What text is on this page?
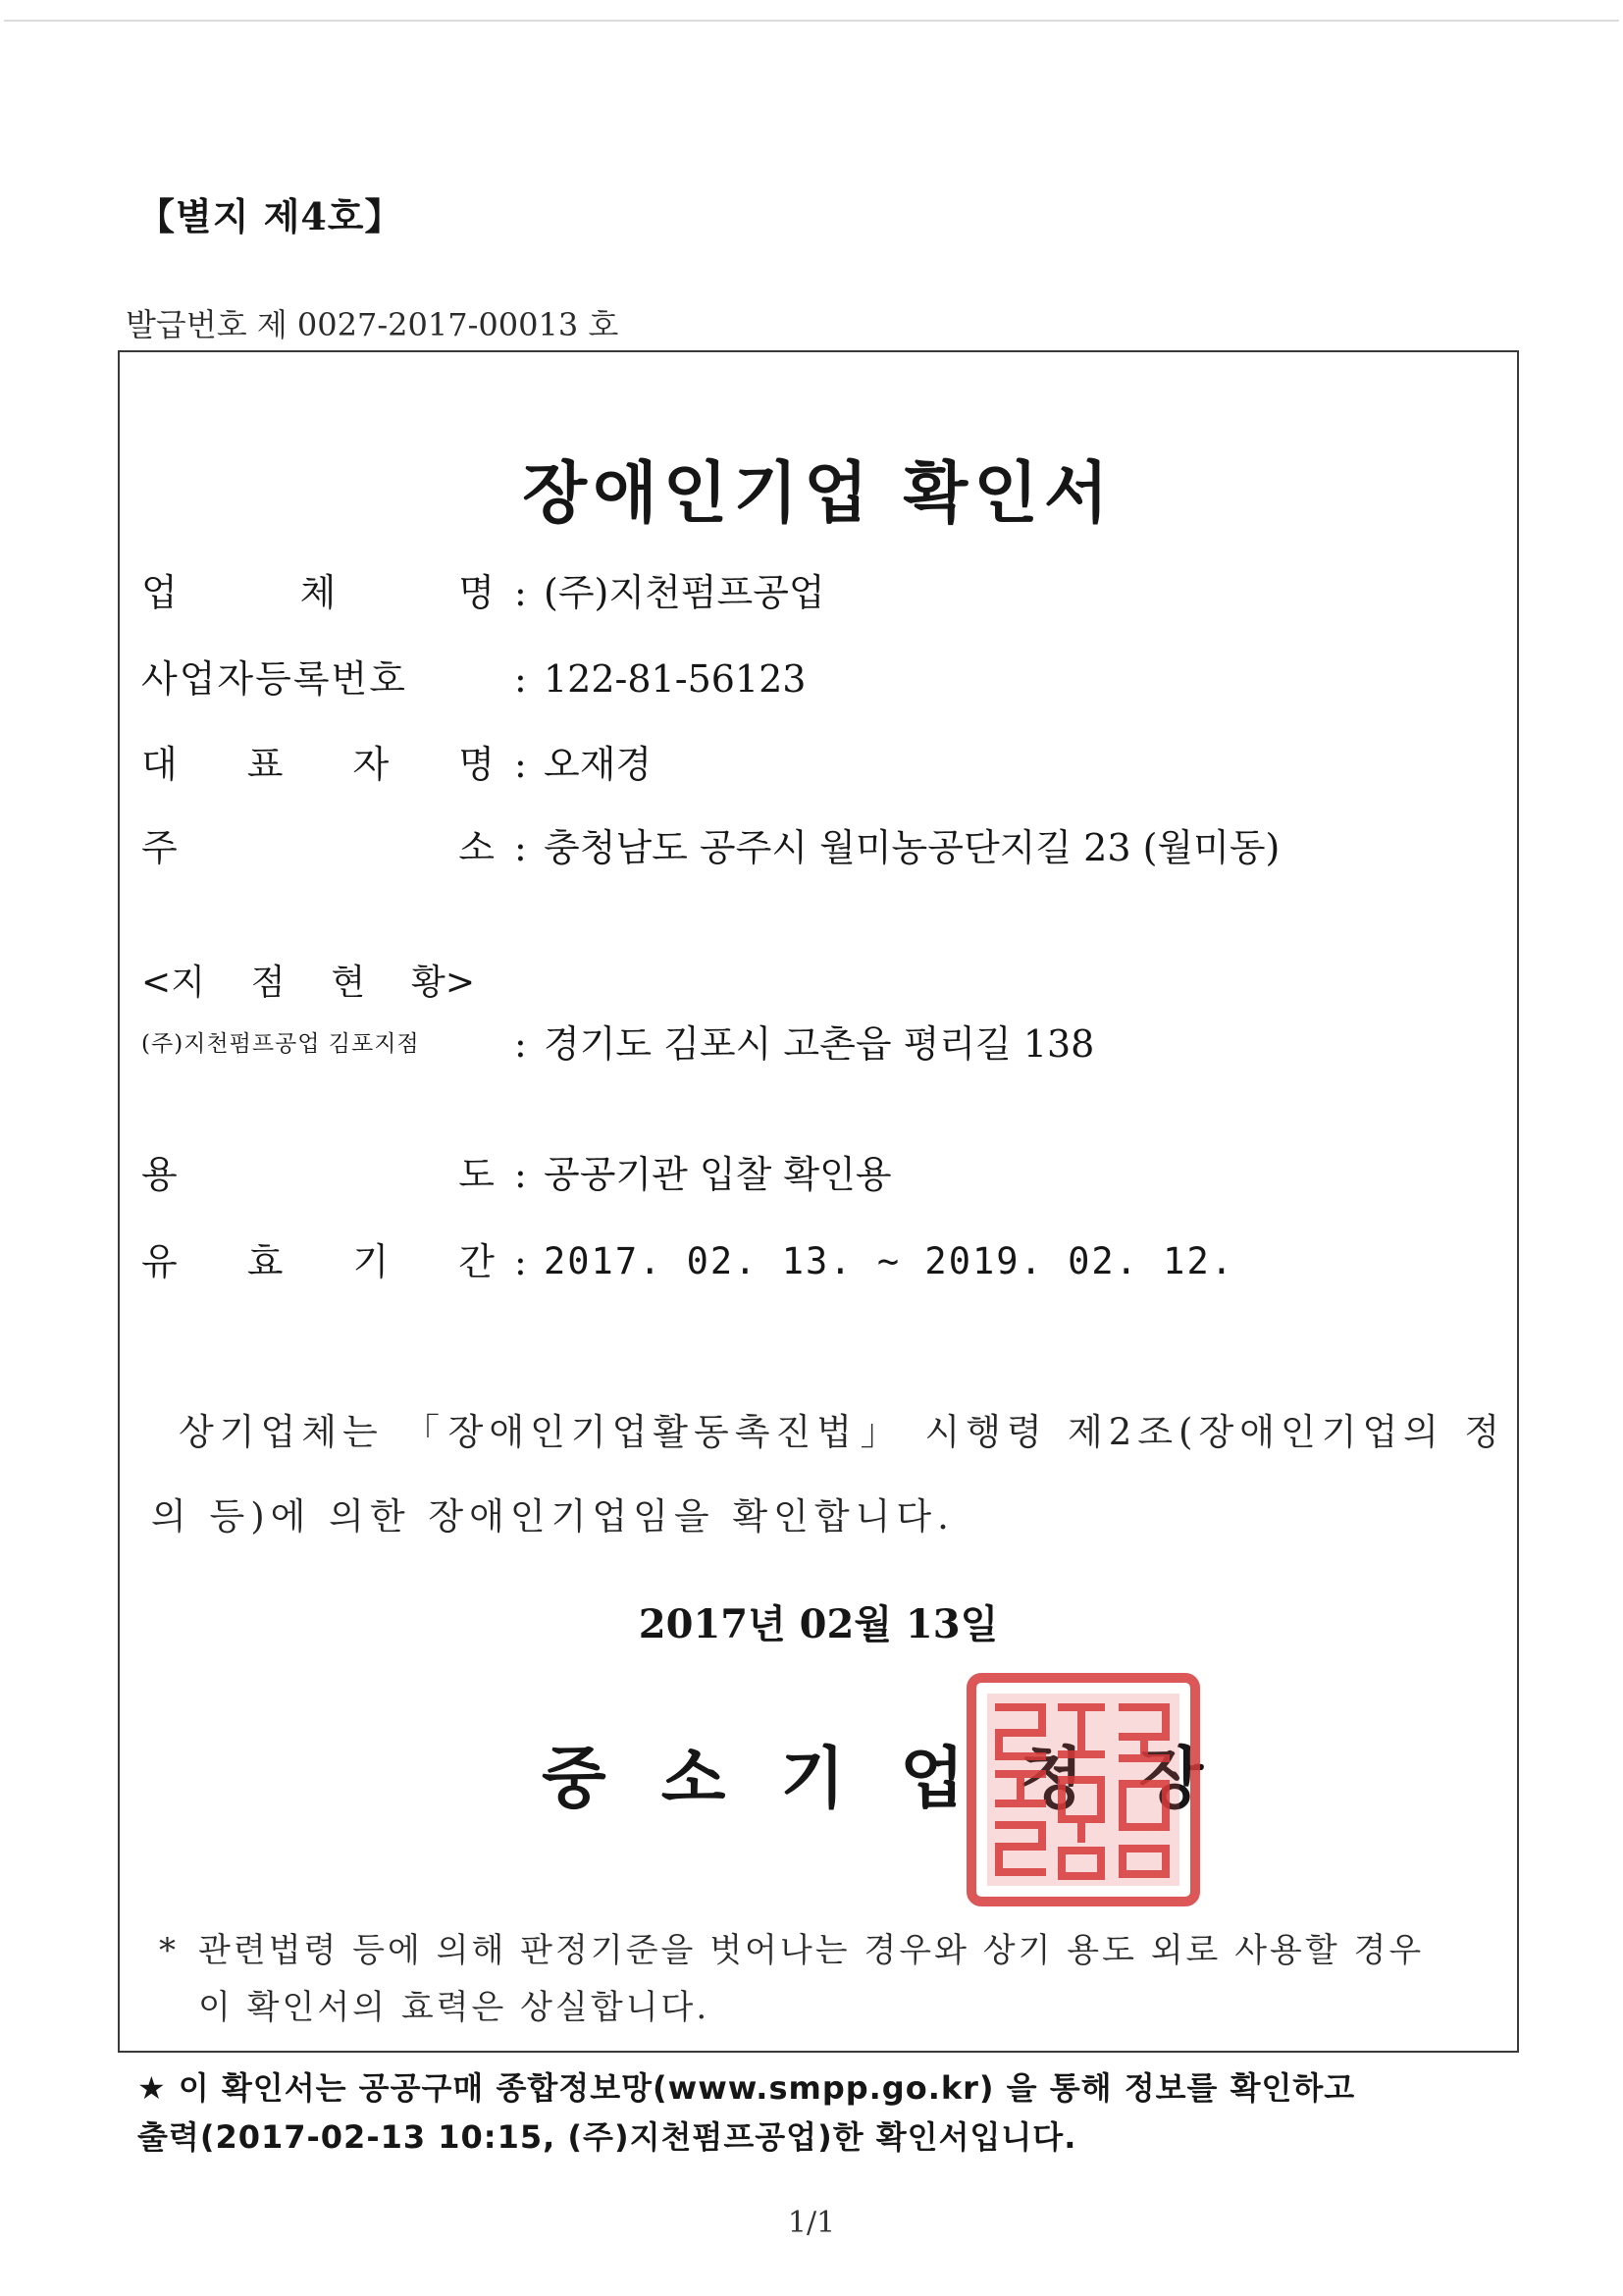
【별지 제4호】
발급번호 제 0027-2017-00013 호
장애인기업 확인서
업	체	명 : (주)지천펌프공업
사업자등록번호	: 122-81-56123
대 표 자 명 : 오재경
주	소 : 충청남도 공주시 월미농공단지길 23 (월미동)
<지 점 현 황>
(주)지천펌프공업 김포지점	: 경기도 김포시 고촌읍 평리길 138
용	도 : 공공기관 입찰 확인용
유 효 기 간 : 2017. 02. 13. ~ 2019. 02. 12.
상기업체는 「장애인기업활동촉진법」 시행령 제2조(장애인기업의 정의 등)에 의한 장애인기업임을 확인합니다.
2017년 02월 13일
중소기업청장
* 관련법령 등에 의해 판정기준을 벗어나는 경우와 상기 용도 외로 사용할 경우
이 확인서의 효력은 상실합니다.
★ 이 확인서는 공공구매 종합정보망(www.smpp.go.kr) 을 통해 정보를 확인하고
출력(2017-02-13 10:15, (주)지천펌프공업)한 확인서입니다.
1/1
